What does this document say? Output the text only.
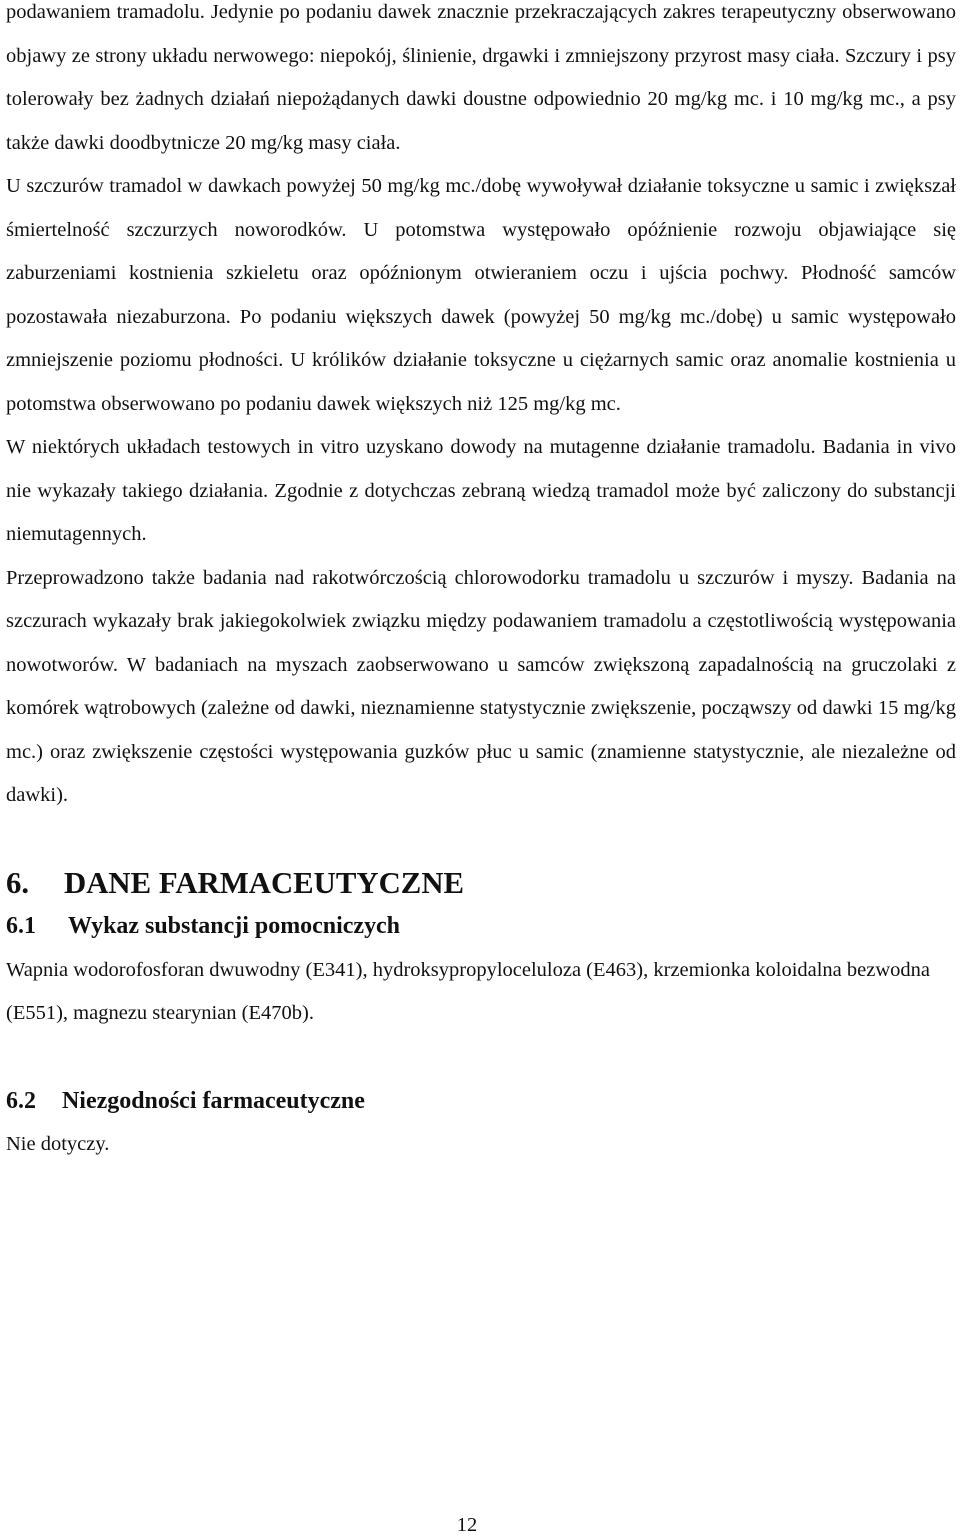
podawaniem tramadolu. Jedynie po podaniu dawek znacznie przekraczających zakres terapeutyczny obserwowano objawy ze strony układu nerwowego: niepokój, ślinienie, drgawki i zmniejszony przyrost masy ciała. Szczury i psy tolerowały bez żadnych działań niepożądanych dawki doustne odpowiednio 20 mg/kg mc. i 10 mg/kg mc., a psy także dawki doodbytnicze 20 mg/kg masy ciała.

U szczurów tramadol w dawkach powyżej 50 mg/kg mc./dobę wywoływał działanie toksyczne u samic i zwiększał śmiertelność szczurzych noworodków. U potomstwa występowało opóźnienie rozwoju objawiające się zaburzeniami kostnienia szkieletu oraz opóźnionym otwieraniem oczu i ujścia pochwy. Płodność samców pozostawała niezaburzona. Po podaniu większych dawek (powyżej 50 mg/kg mc./dobę) u samic występowało zmniejszenie poziomu płodności. U królików działanie toksyczne u ciężarnych samic oraz anomalie kostnienia u potomstwa obserwowano po podaniu dawek większych niż 125 mg/kg mc.

W niektórych układach testowych in vitro uzyskano dowody na mutagenne działanie tramadolu. Badania in vivo nie wykazały takiego działania. Zgodnie z dotychczas zebraną wiedzą tramadol może być zaliczony do substancji niemutagennych.

Przeprowadzono także badania nad rakotwórczością chlorowodorku tramadolu u szczurów i myszy. Badania na szczurach wykazały brak jakiegokolwiek związku między podawaniem tramadolu a częstotliwością występowania nowotworów. W badaniach na myszach zaobserwowano u samców zwiększoną zapadalnością na gruczolaki z komórek wątrobowych (zależne od dawki, nieznamienne statystycznie zwiększenie, począwszy od dawki 15 mg/kg mc.) oraz zwiększenie częstości występowania guzków płuc u samic (znamienne statystycznie, ale niezależne od dawki).

6.	DANE FARMACEUTYCZNE
6.1	Wykaz substancji pomocniczych

Wapnia wodorofosforan dwuwodny (E341), hydroksypropyloceluloza (E463), krzemionka koloidalna bezwodna (E551), magnezu stearynian (E470b).

6.2	Niezgodności farmaceutyczne

Nie dotyczy.

12
